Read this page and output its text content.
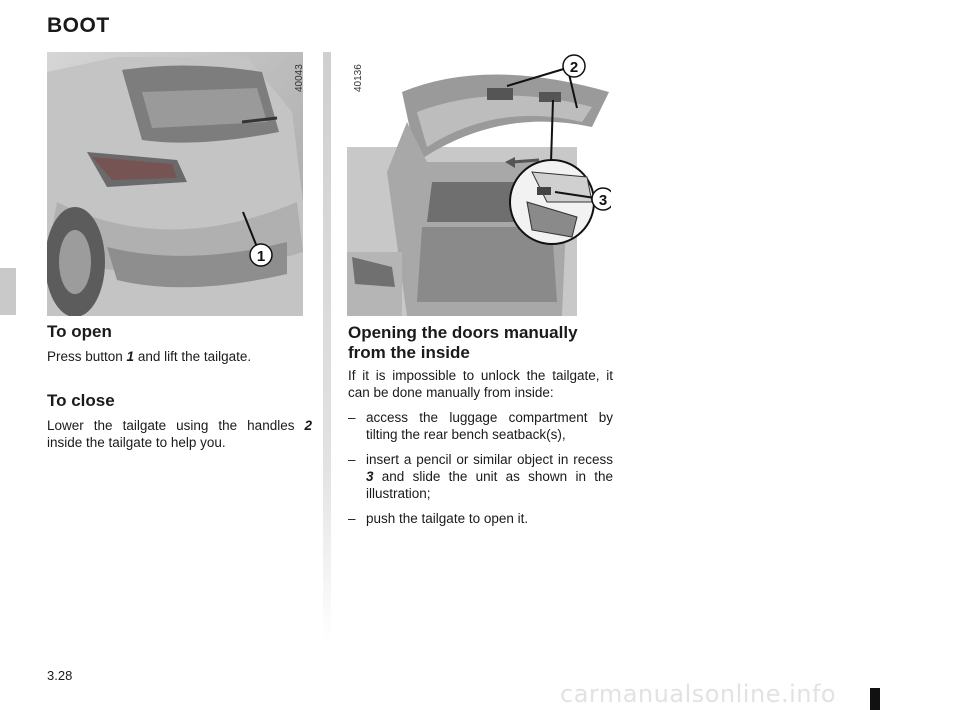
BOOT
1
40043	2
3
40136
To open

Press button 1 and lift the tailgate.

To close

Lower the tailgate using the handles 2 inside the tailgate to help you.

Opening the doors manually
from the inside

If it is impossible to unlock the tailgate, it can be done manually from inside:

– access the luggage compartment by tilting the rear bench seatback(s),
– insert a pencil or similar object in recess 3 and slide the unit as shown in the illustration;
– push the tailgate to open it.
3.28
carmanualsonline.info
